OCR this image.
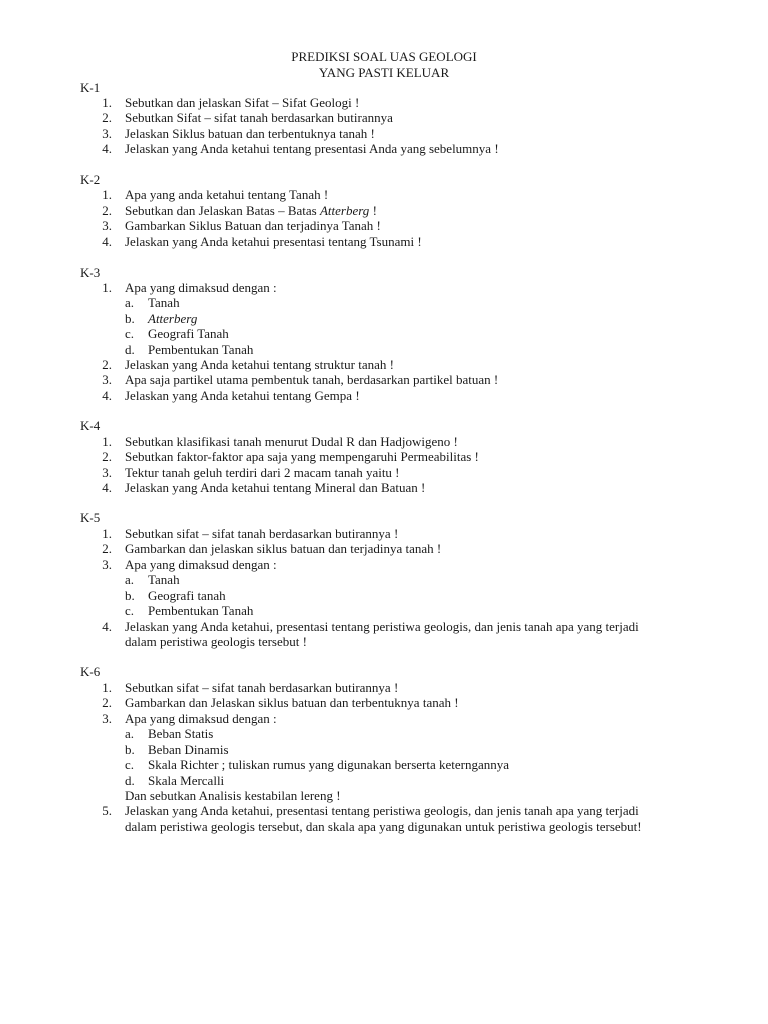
PREDIKSI SOAL UAS GEOLOGI
YANG PASTI KELUAR
K-1
1. Sebutkan dan jelaskan Sifat – Sifat Geologi !
2. Sebutkan Sifat – sifat tanah berdasarkan butirannya
3. Jelaskan Siklus batuan dan terbentuknya tanah !
4. Jelaskan yang Anda ketahui tentang presentasi Anda yang sebelumnya !
K-2
1. Apa yang anda ketahui tentang Tanah !
2. Sebutkan dan Jelaskan Batas – Batas Atterberg !
3. Gambarkan Siklus Batuan dan terjadinya Tanah !
4. Jelaskan yang Anda ketahui presentasi tentang Tsunami !
K-3
1. Apa yang dimaksud dengan :
a. Tanah
b. Atterberg
c. Geografi Tanah
d. Pembentukan Tanah
2. Jelaskan yang Anda ketahui tentang struktur tanah !
3. Apa saja partikel utama pembentuk tanah, berdasarkan partikel batuan !
4. Jelaskan yang Anda ketahui tentang Gempa !
K-4
1. Sebutkan klasifikasi tanah menurut Dudal R dan Hadjowigeno !
2. Sebutkan faktor-faktor apa saja yang mempengaruhi Permeabilitas !
3. Tektur tanah geluh terdiri dari 2 macam tanah yaitu !
4. Jelaskan yang Anda ketahui tentang Mineral dan Batuan !
K-5
1. Sebutkan sifat – sifat tanah berdasarkan butirannya !
2. Gambarkan dan jelaskan siklus batuan dan terjadinya tanah !
3. Apa yang dimaksud dengan :
a. Tanah
b. Geografi tanah
c. Pembentukan Tanah
4. Jelaskan yang Anda ketahui, presentasi tentang peristiwa geologis, dan jenis tanah apa yang terjadi
dalam peristiwa geologis tersebut !
K-6
1. Sebutkan sifat – sifat tanah berdasarkan butirannya !
2. Gambarkan dan Jelaskan siklus batuan dan terbentuknya tanah !
3. Apa yang dimaksud dengan :
a. Beban Statis
b. Beban Dinamis
c. Skala Richter ; tuliskan rumus yang digunakan berserta keterngannya
d. Skala Mercalli
Dan sebutkan Analisis kestabilan lereng !
5. Jelaskan yang Anda ketahui, presentasi tentang peristiwa geologis, dan jenis tanah apa yang terjadi
dalam peristiwa geologis tersebut, dan skala apa yang digunakan untuk peristiwa geologis tersebut!
